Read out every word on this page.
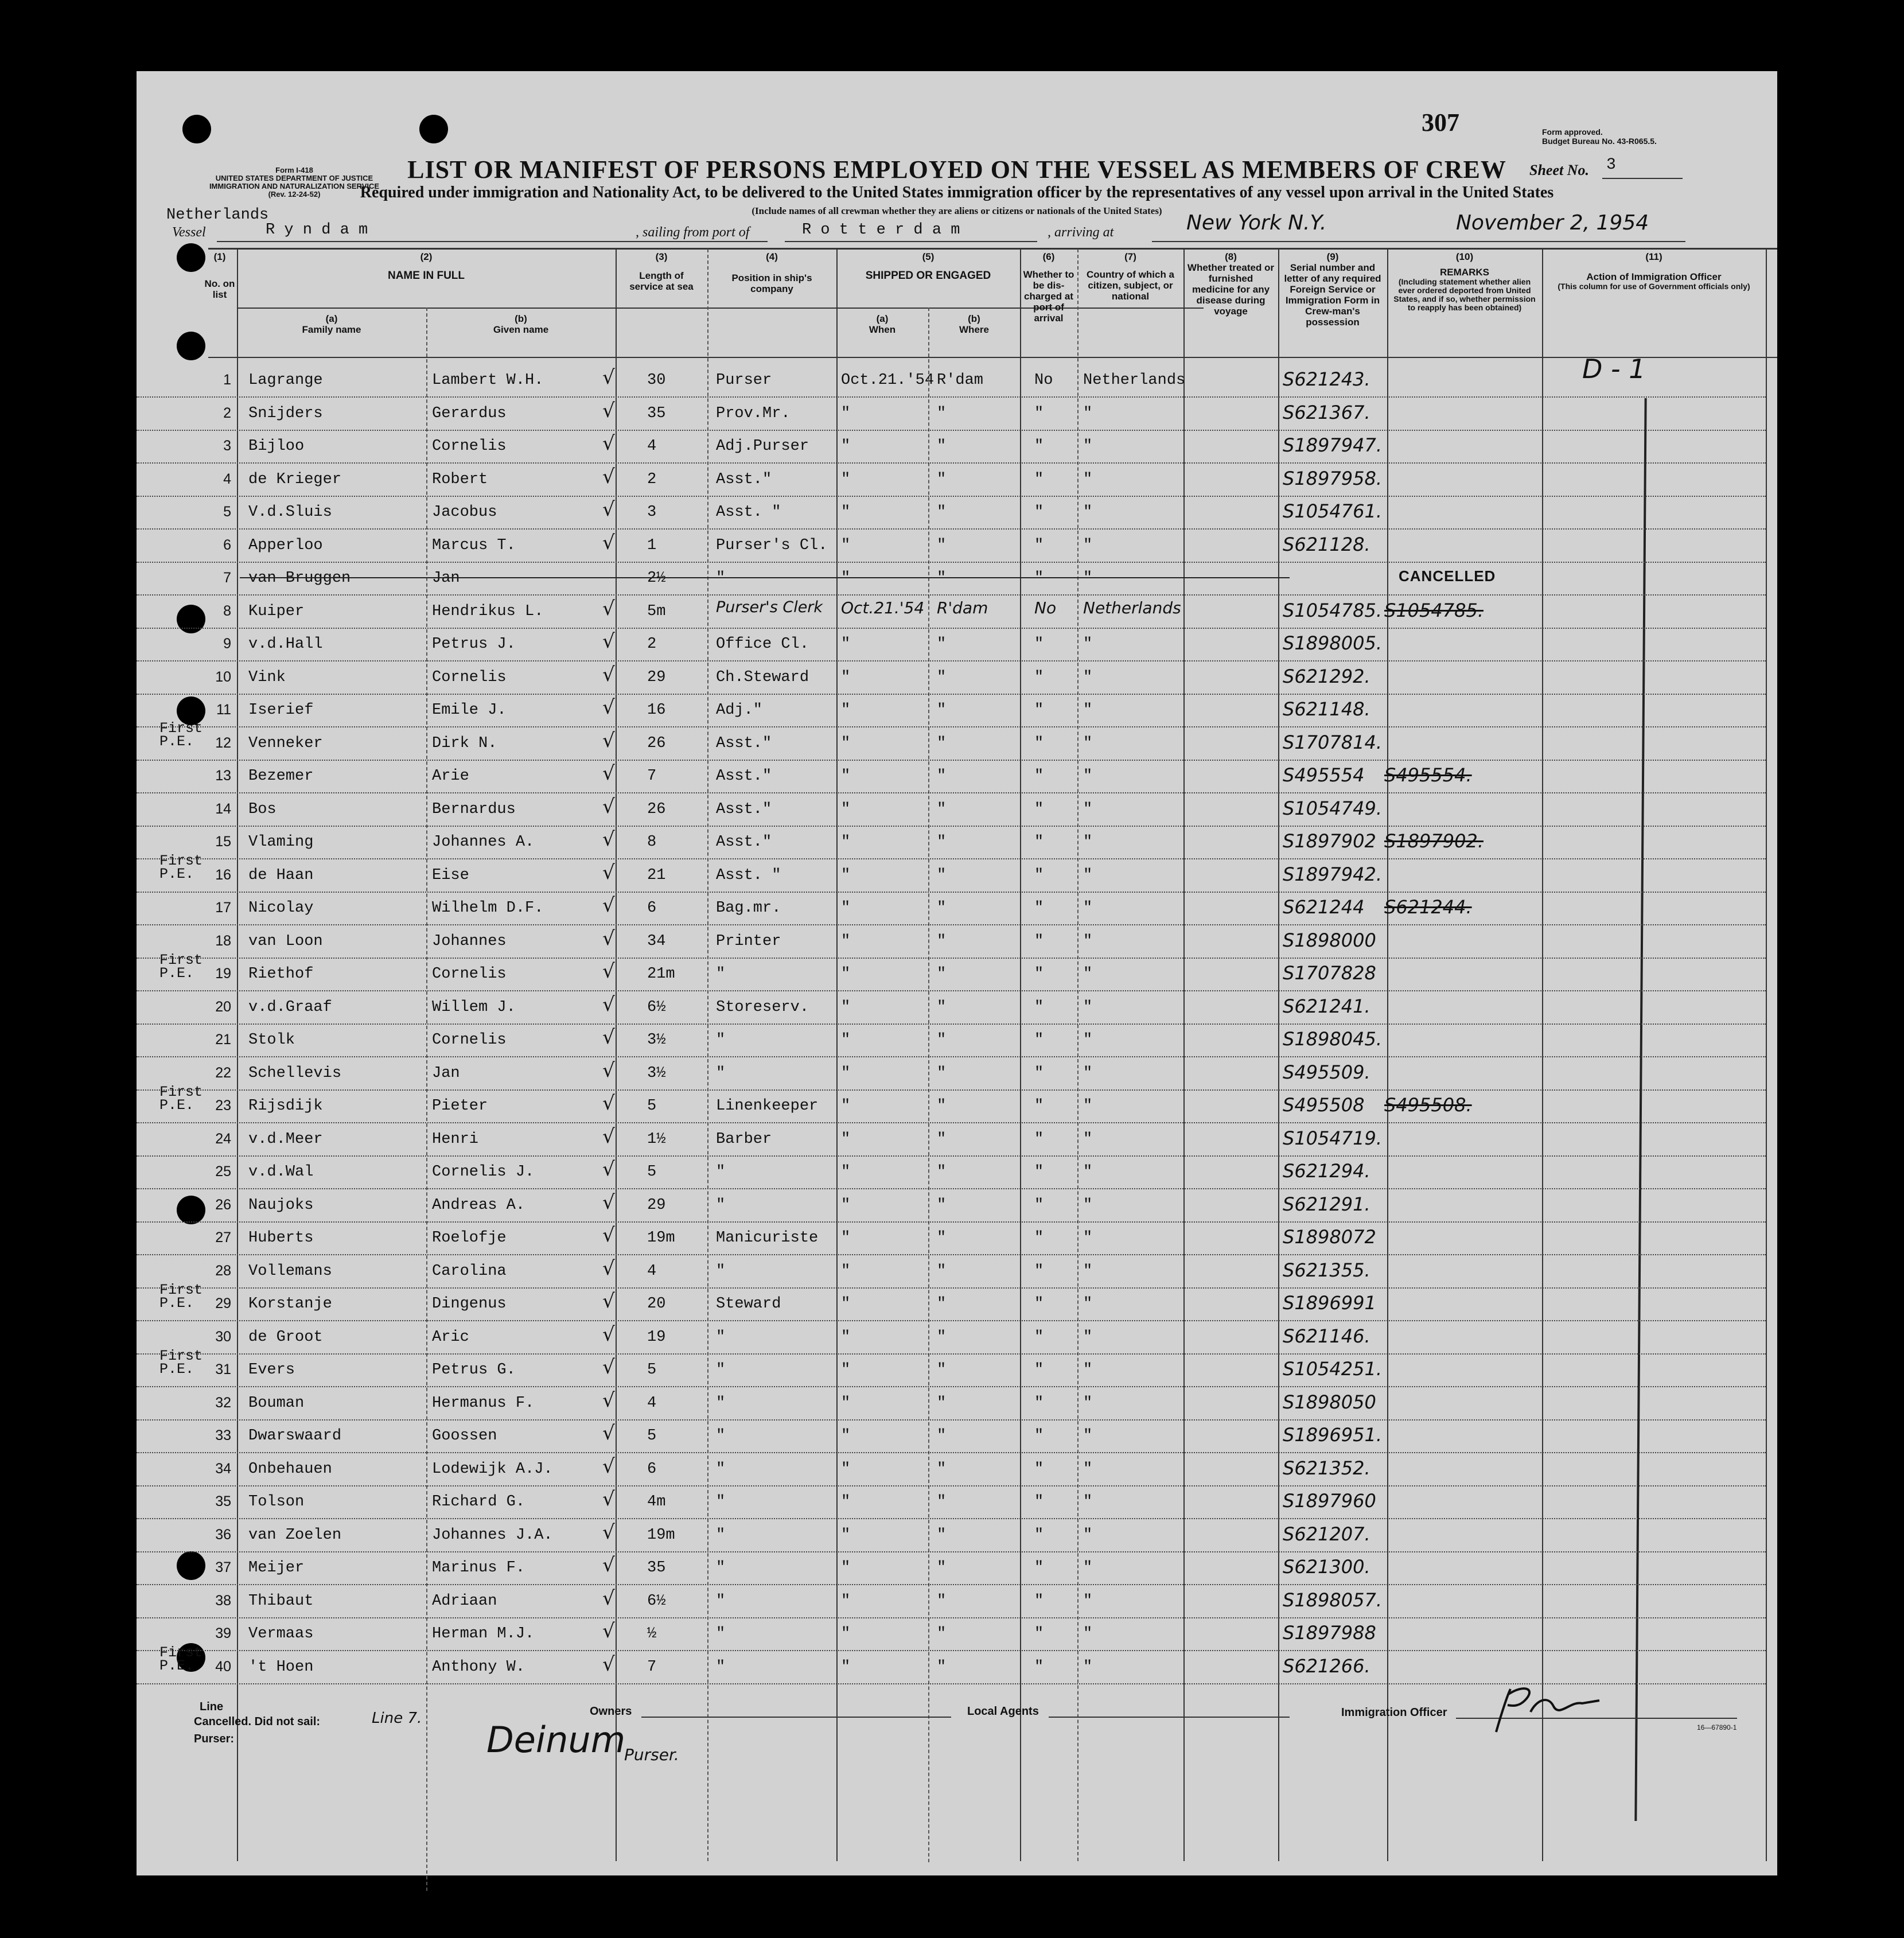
Form I-418
UNITED STATES DEPARTMENT OF JUSTICE
IMMIGRATION AND NATURALIZATION SERVICE
(Rev. 12-24-52)
307	Form approved.
Budget Bureau No. 43-R065.5.
LIST OR MANIFEST OF PERSONS EMPLOYED ON THE VESSEL AS MEMBERS OF CREW	Sheet No. 3
Required under immigration and Nationality Act, to be delivered to the United States immigration officer by the representatives of any vessel upon arrival in the United States
(Include names of all crewman whether they are aliens or citizens or nationals of the United States)
Netherlands
Vessel	R y n d a m	, sailing from port of	R o t t e r d a m	, arriving at	New York N.Y.	November 2, 1954
(1)
No. on list
(2)
NAME IN FULL
(a)
Family name
(b)
Given name
(3)
Length of service at sea
(4)
Position in ship's company
(5)
SHIPPED OR ENGAGED
(a)
When
(b)
Where
(6)
Whether to be dis-charged at port of arrival
(7)
Country of which a citizen, subject, or national
(8)
Whether treated or furnished medicine for any disease during voyage
(9)
Serial number and letter of any required Foreign Service or Immigration Form in Crew-man's possession
(10)
REMARKS
(Including statement whether alien ever ordered deported from United States, and if so, whether permission to reapply has been obtained)
(11)
Action of Immigration Officer
(This column for use of Government officials only)
D - 1
1 Lagrange	Lambert W.H.	√ 30	Purser	Oct.21.'54 R'dam	No Netherlands	S621243.
2 Snijders	Gerardus	√ 35	Prov.Mr.	"	"	"	"	S621367.
3 Bijloo	Cornelis	√ 4	Adj.Purser "	"	"	"	S1897947.
4 de Krieger	Robert	√ 2	Asst."	"	"	"	"	S1897958.
5 V.d.Sluis	Jacobus	√ 3	Asst. "	"	"	"	"	S1054761.
6 Apperloo	Marcus T.	√ 1	Purser's Cl. "	"	"	"	S621128.
7 van Bruggen	Jan	2½	"	"	"	"	"	CANCELLED
8 Kuiper	Hendrikus L.	√ 5m	Purser's Clerk Oct.21.'54 R'dam	No Netherlands	S1054785. S1054785.
9 v.d.Hall	Petrus J.	√ 2	Office Cl. "	"	"	"	S1898005.
10 Vink	Cornelis	√ 29	Ch.Steward "	"	"	"	S621292.
11 Iserief	Emile J.	√ 16	Adj."	"	"	"	"	S621148.
12 Venneker	Dirk N.	√ 26	Asst."	"	"	"	"	S1707814.
13 Bezemer	Arie	√ 7	Asst."	"	"	"	"	S495554 S495554.
14 Bos	Bernardus	√ 26	Asst."	"	"	"	"	S1054749.
15 Vlaming	Johannes A.	√ 8	Asst."	"	"	"	"	S1897902 S1897902.
16 de Haan	Eise	√ 21	Asst. "	"	"	"	"	S1897942.
17 Nicolay	Wilhelm D.F.	√ 6	Bag.mr.	"	"	"	"	S621244 S621244.
18 van Loon	Johannes	√ 34	Printer	"	"	"	"	S1898000
19 Riethof	Cornelis	√ 21m	"	"	"	"	"	S1707828
20 v.d.Graaf	Willem J.	√ 6½	Storeserv. "	"	"	"	S621241.
21 Stolk	Cornelis	√ 3½	"	"	"	"	"	S1898045.
22 Schellevis	Jan	√ 3½	"	"	"	"	"	S495509.
23 Rijsdijk	Pieter	√ 5	Linenkeeper "	"	"	"	S495508 S495508.
24 v.d.Meer	Henri	√ 1½	Barber	"	"	"	"	S1054719.
25 v.d.Wal	Cornelis J.	√ 5	"	"	"	"	"	S621294.
26 Naujoks	Andreas A.	√ 29	"	"	"	"	"	S621291.
27 Huberts	Roelofje	√ 19m	Manicuriste "	"	"	"	S1898072
28 Vollemans	Carolina	√ 4	"	"	"	"	"	S621355.
29 Korstanje	Dingenus	√ 20	Steward	"	"	"	"	S1896991
30 de Groot	Aric	√ 19	"	"	"	"	"	S621146.
31 Evers	Petrus G.	√ 5	"	"	"	"	"	S1054251.
32 Bouman	Hermanus F.	√ 4	"	"	"	"	"	S1898050
33 Dwarswaard	Goossen	√ 5	"	"	"	"	"	S1896951.
34 Onbehauen	Lodewijk A.J.	√ 6	"	"	"	"	"	S621352.
35 Tolson	Richard G.	√ 4m	"	"	"	"	"	S1897960
36 van Zoelen	Johannes J.A.	√ 19m	"	"	"	"	"	S621207.
37 Meijer	Marinus F.	√ 35	"	"	"	"	"	S621300.
38 Thibaut	Adriaan	√ 6½	"	"	"	"	"	S1898057.
39 Vermaas	Herman M.J.	√ ½	"	"	"	"	"	S1897988
40 't Hoen	Anthony W.	√ 7	"	"	"	"	"	S621266.
First
P.E.
First
P.E.
First
P.E.
First
P.E.
First
P.E.
First
P.E.
First
P.E.
Line
Cancelled. Did not sail:	Line 7.
Purser:	Deinum
Purser.
Owners	Local Agents	Immigration Officer
16—67890-1
